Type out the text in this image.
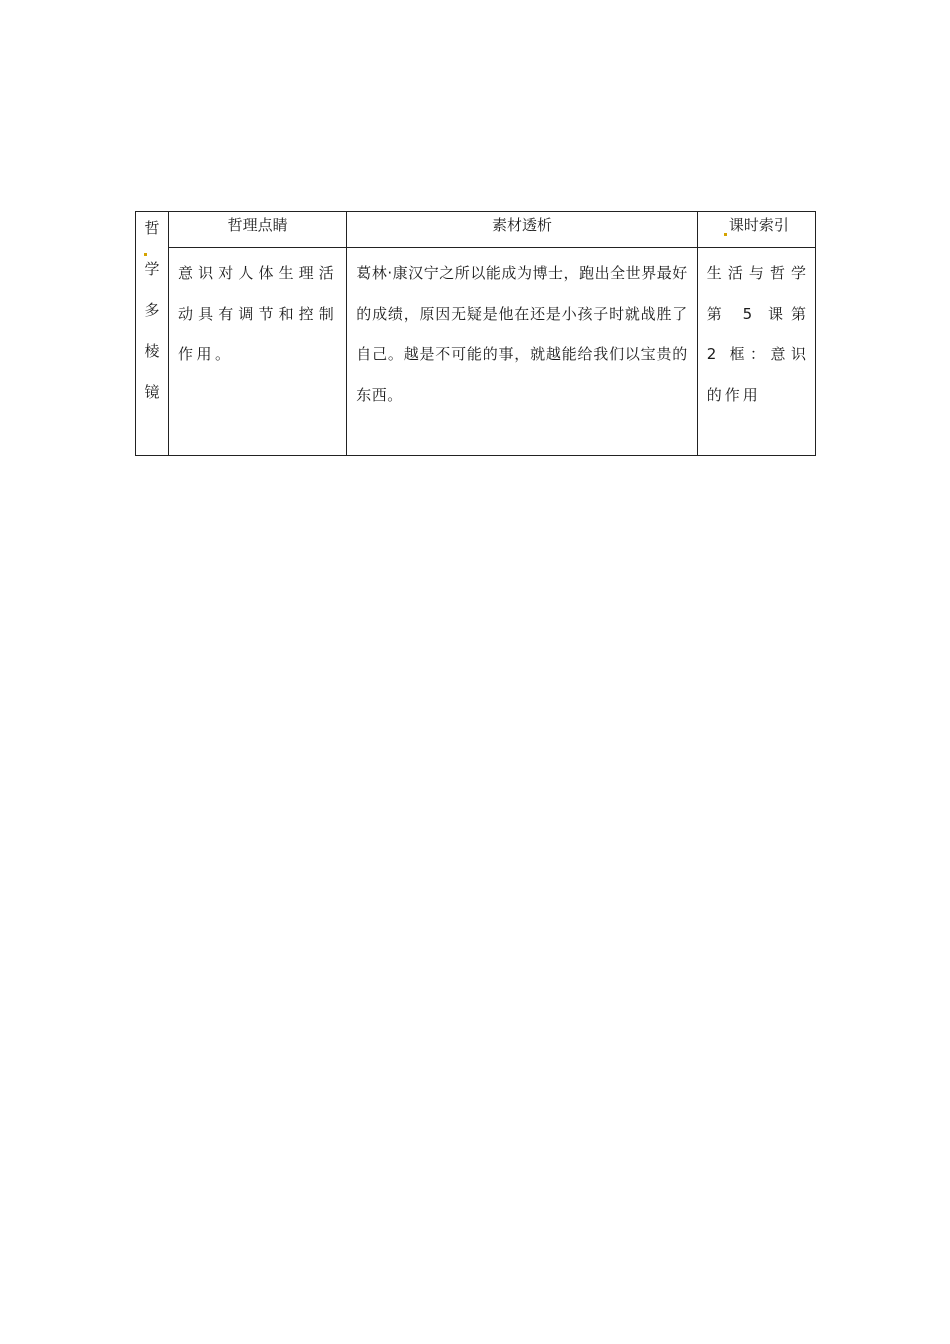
哲
学
多
棱
镜	哲理点睛	素材透析	课时索引

	意识对人体生理活动具有调节和控制作用。	葛林·康汉宁之所以能成为博士，跑出全世界最好的成绩，原因无疑是他在还是小孩子时就战胜了自己。越是不可能的事，就越能给我们以宝贵的东西。	生活与哲学第 5 课第 2 框：意识的作用
